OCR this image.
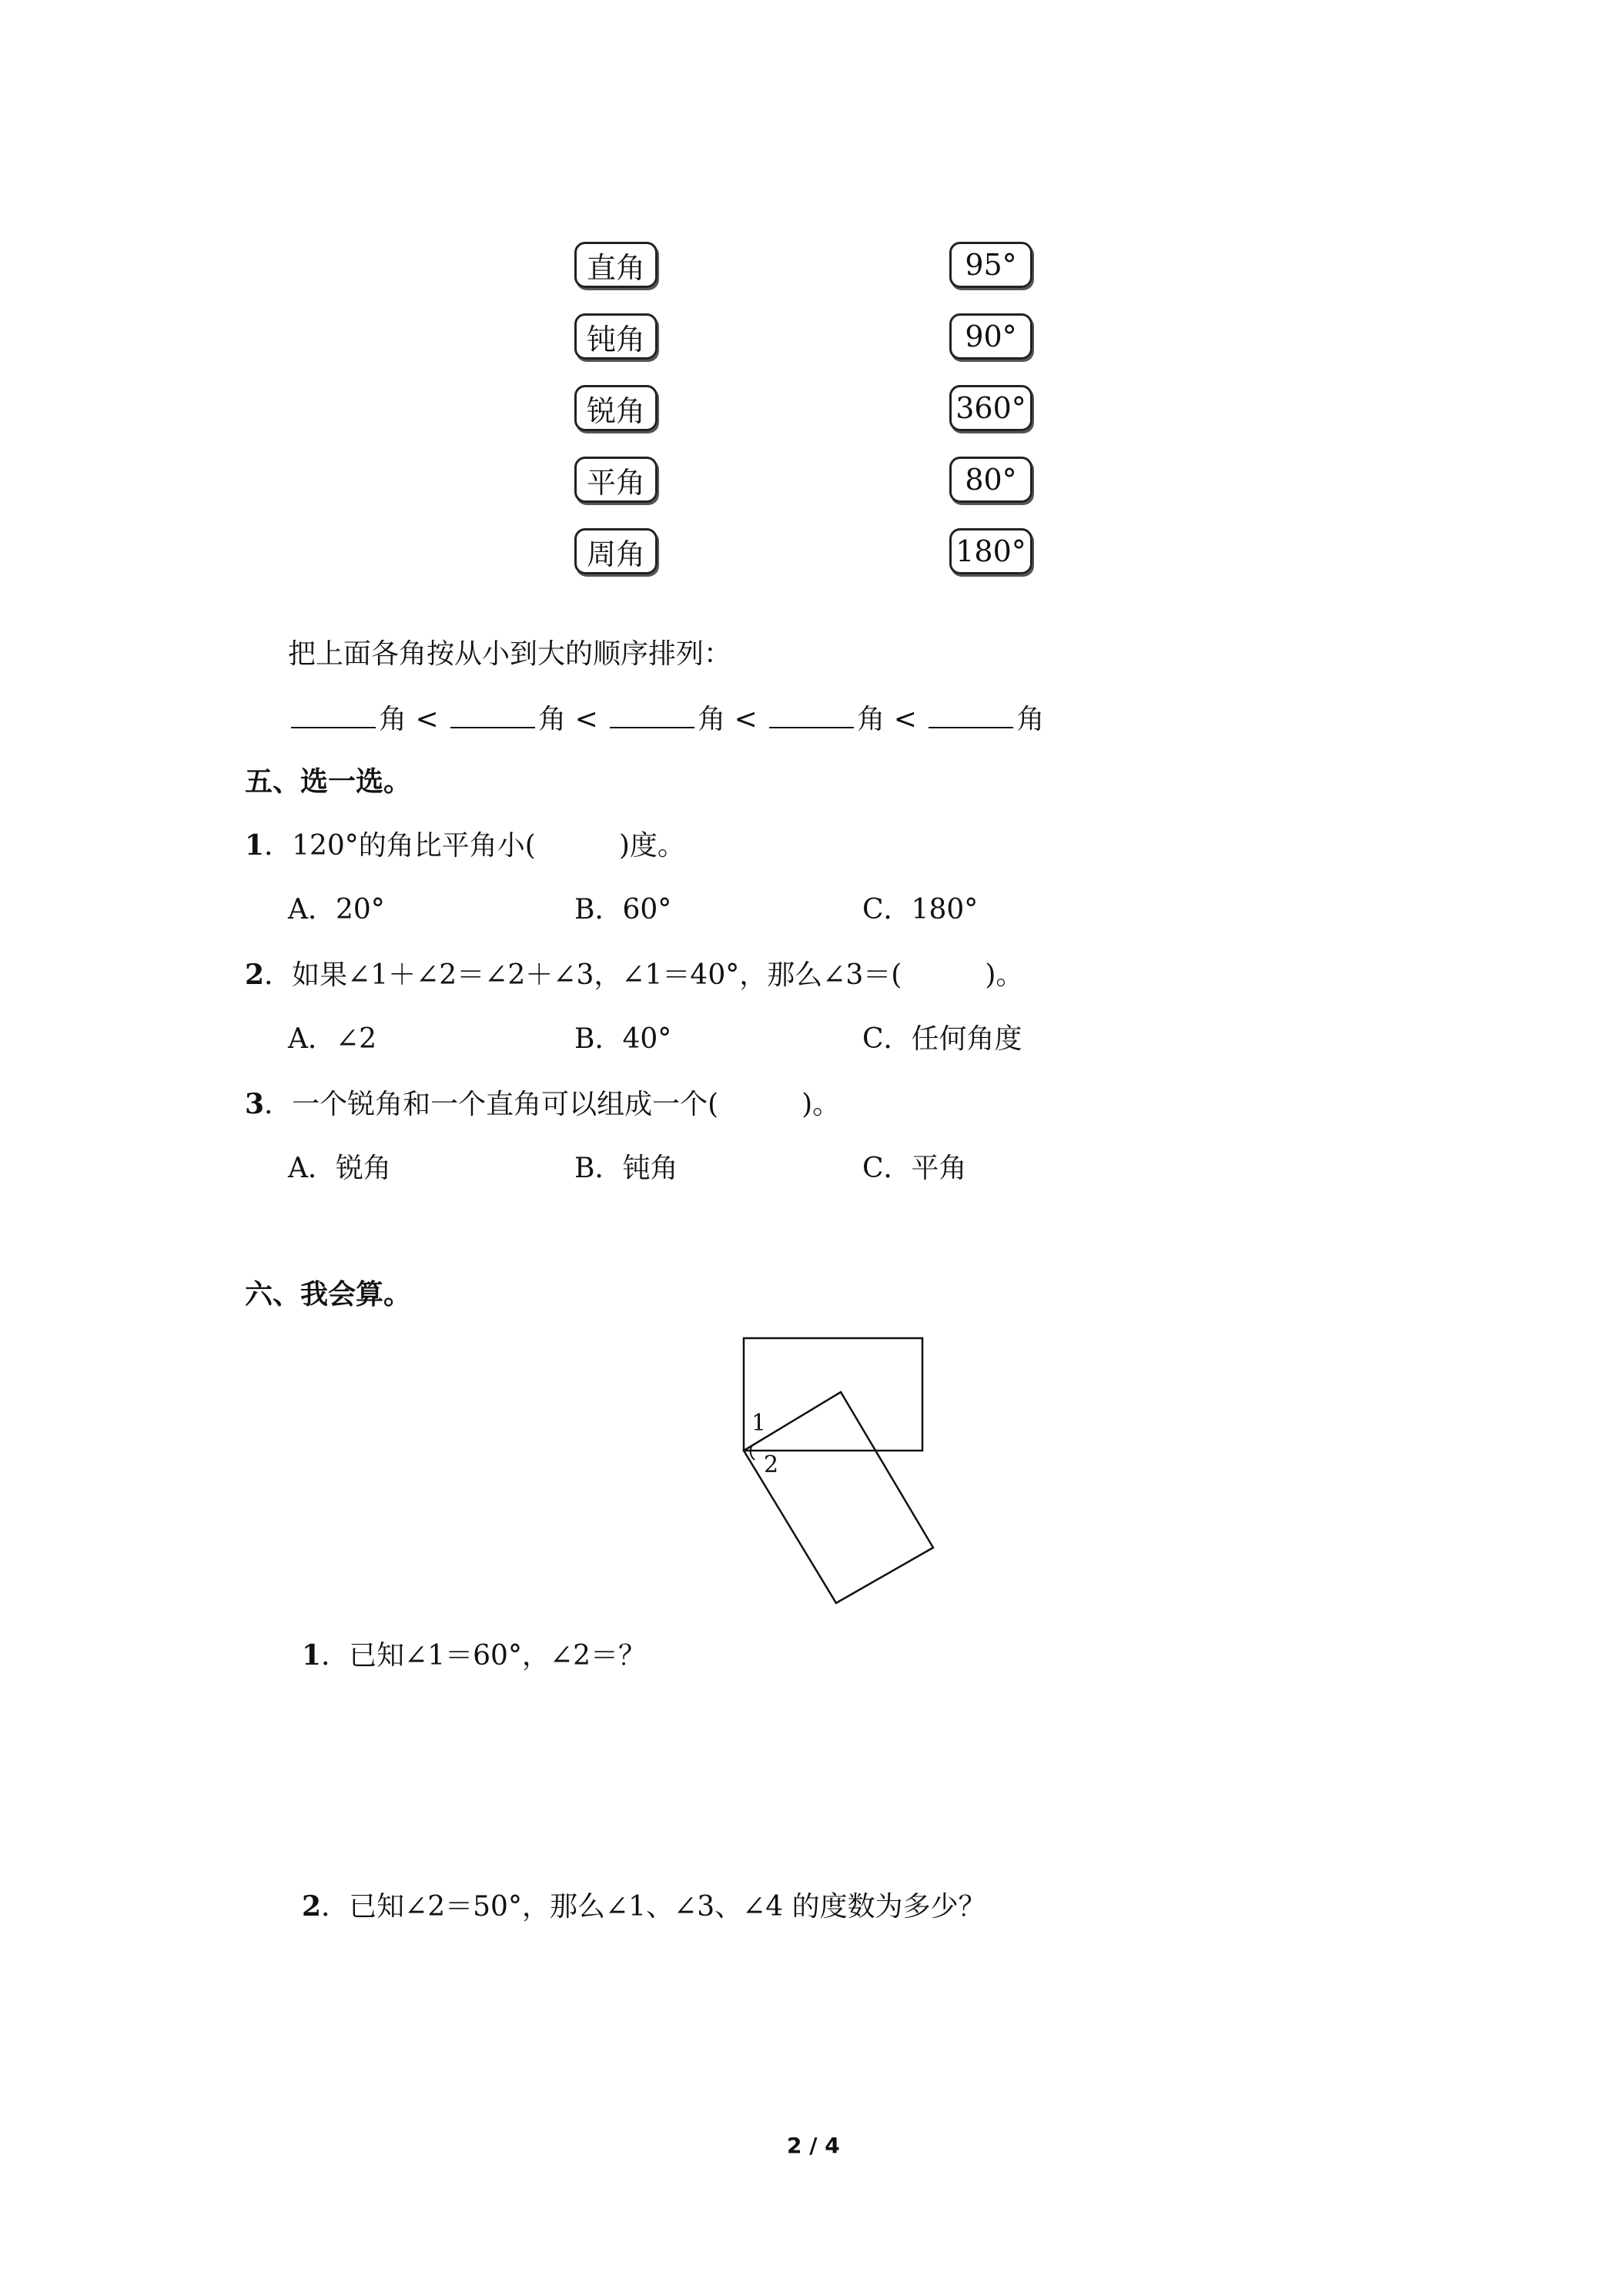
直角
钝角
锐角
平角
周角
95°
90°
360°
80°
180°
把上面各角按从小到大的顺序排列：
角 <	角 <	角 <	角 <	角
五、选一选。
1．120°的角比平角小(　　　)度。
A．20°	B．60°	C．180°
2．如果∠1＋∠2＝∠2＋∠3，∠1＝40°，那么∠3＝(　　　)。
A．∠2	B．40°	C．任何角度
3．一个锐角和一个直角可以组成一个(　　　)。
A．锐角	B．钝角	C．平角
六、我会算。
1
2
1．已知∠1＝60°，∠2＝？
2．已知∠2＝50°，那么∠1、∠3、∠4 的度数为多少？
2 / 4
